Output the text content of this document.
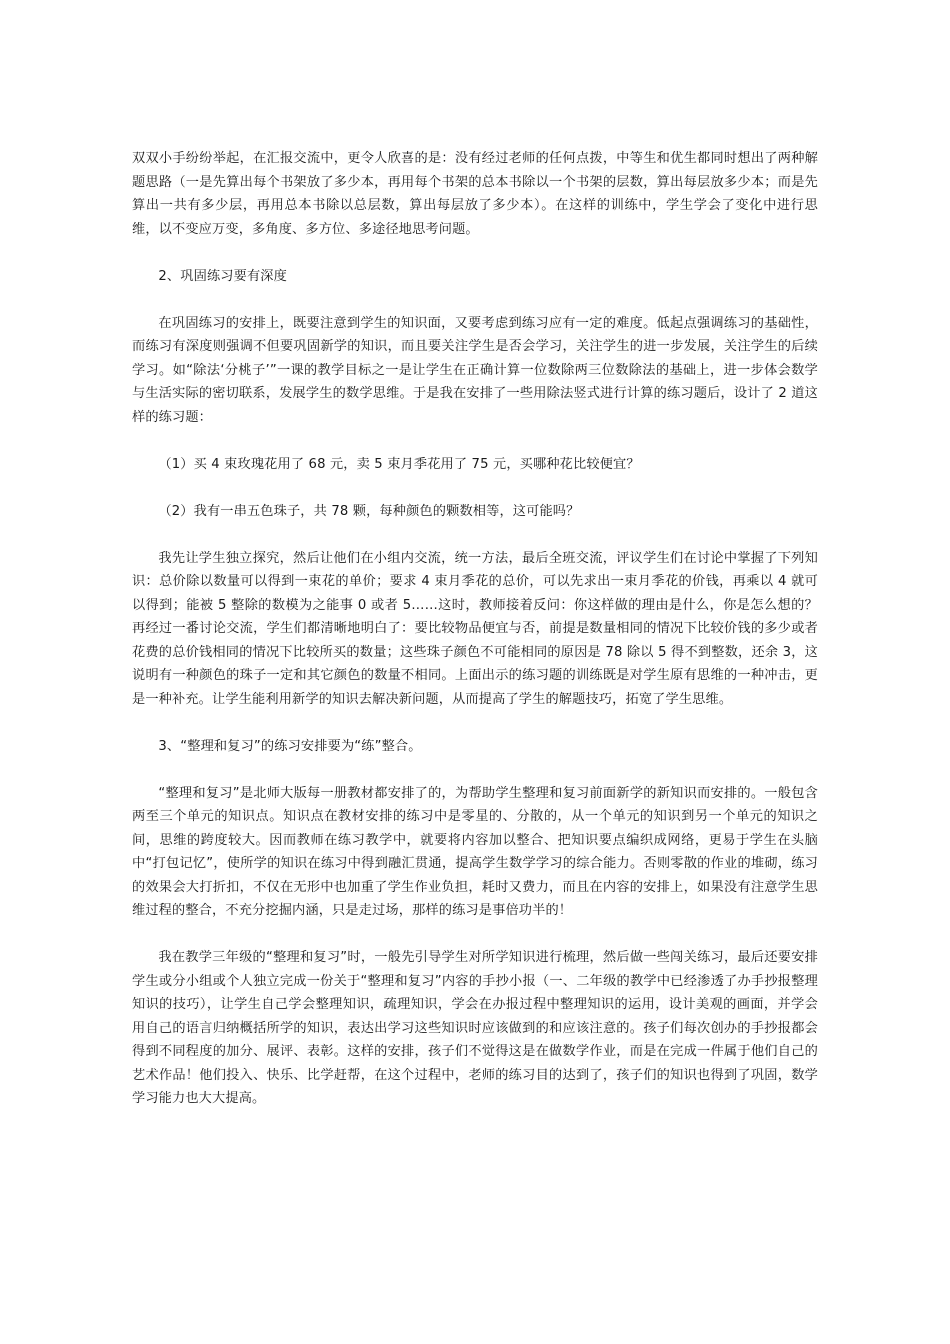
双双小手纷纷举起，在汇报交流中，更令人欣喜的是：没有经过老师的任何点拨，中等生和优生都同时想出了两种解题思路（一是先算出每个书架放了多少本，再用每个书架的总本书除以一个书架的层数，算出每层放多少本；而是先算出一共有多少层，再用总本书除以总层数，算出每层放了多少本）。在这样的训练中，学生学会了变化中进行思维，以不变应万变，多角度、多方位、多途径地思考问题。

2、巩固练习要有深度

在巩固练习的安排上，既要注意到学生的知识面，又要考虑到练习应有一定的难度。低起点强调练习的基础性，而练习有深度则强调不但要巩固新学的知识，而且要关注学生是否会学习，关注学生的进一步发展，关注学生的后续学习。如“除法‘分桃子’”一课的教学目标之一是让学生在正确计算一位数除两三位数除法的基础上，进一步体会数学与生活实际的密切联系，发展学生的数学思维。于是我在安排了一些用除法竖式进行计算的练习题后，设计了 2 道这样的练习题：

（1）买 4 束玫瑰花用了 68 元，卖 5 束月季花用了 75 元，买哪种花比较便宜？

（2）我有一串五色珠子，共 78 颗，每种颜色的颗数相等，这可能吗？

我先让学生独立探究，然后让他们在小组内交流，统一方法，最后全班交流，评议学生们在讨论中掌握了下列知识：总价除以数量可以得到一束花的单价；要求 4 束月季花的总价，可以先求出一束月季花的价钱，再乘以 4 就可以得到；能被 5 整除的数模为之能事 0 或者 5……这时，教师接着反问：你这样做的理由是什么，你是怎么想的？再经过一番讨论交流，学生们都清晰地明白了：要比较物品便宜与否，前提是数量相同的情况下比较价钱的多少或者花费的总价钱相同的情况下比较所买的数量；这些珠子颜色不可能相同的原因是 78 除以 5 得不到整数，还余 3，这说明有一种颜色的珠子一定和其它颜色的数量不相同。上面出示的练习题的训练既是对学生原有思维的一种冲击，更是一种补充。让学生能利用新学的知识去解决新问题，从而提高了学生的解题技巧，拓宽了学生思维。

3、“整理和复习”的练习安排要为“练”整合。

“整理和复习”是北师大版每一册教材都安排了的，为帮助学生整理和复习前面新学的新知识而安排的。一般包含两至三个单元的知识点。知识点在教材安排的练习中是零星的、分散的，从一个单元的知识到另一个单元的知识之间，思维的跨度较大。因而教师在练习教学中，就要将内容加以整合、把知识要点编织成网络，更易于学生在头脑中“打包记忆”，使所学的知识在练习中得到融汇贯通，提高学生数学学习的综合能力。否则零散的作业的堆砌，练习的效果会大打折扣，不仅在无形中也加重了学生作业负担，耗时又费力，而且在内容的安排上，如果没有注意学生思维过程的整合，不充分挖掘内涵，只是走过场，那样的练习是事倍功半的！

我在教学三年级的“整理和复习”时，一般先引导学生对所学知识进行梳理，然后做一些闯关练习，最后还要安排学生或分小组或个人独立完成一份关于“整理和复习”内容的手抄小报（一、二年级的教学中已经渗透了办手抄报整理知识的技巧），让学生自己学会整理知识，疏理知识，学会在办报过程中整理知识的运用，设计美观的画面，并学会用自己的语言归纳概括所学的知识，表达出学习这些知识时应该做到的和应该注意的。孩子们每次创办的手抄报都会得到不同程度的加分、展评、表彰。这样的安排，孩子们不觉得这是在做数学作业，而是在完成一件属于他们自己的艺术作品！他们投入、快乐、比学赶帮，在这个过程中，老师的练习目的达到了，孩子们的知识也得到了巩固，数学学习能力也大大提高。
